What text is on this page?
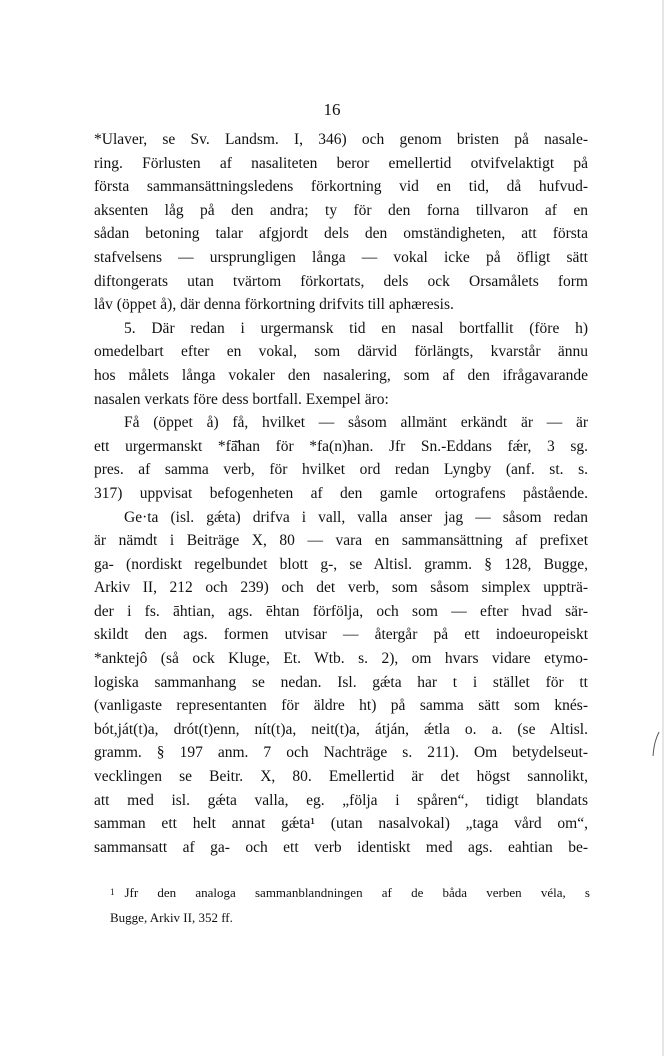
16
*Ulaver, se Sv. Landsm. I, 346) och genom bristen på nasale-
ring. Förlusten af nasaliteten beror emellertid otvifvelaktigt på
första sammansättningsledens förkortning vid en tid, då hufvud-
aksenten låg på den andra; ty för den forna tillvaron af en
sådan betoning talar afgjordt dels den omständigheten, att första
stafvelsens — ursprungligen långa — vokal icke på öfligt sätt
diftongerats utan tvärtom förkortats, dels ock Orsamålets form
låv (öppet å), där denna förkortning drifvits till aphæresis.
5. Där redan i urgermansk tid en nasal bortfallit (före h)
omedelbart efter en vokal, som därvid förlängts, kvarstår ännu
hos målets långa vokaler den nasalering, som af den ifrågavarande
nasalen verkats före dess bortfall. Exempel äro:
Få (öppet å) få, hvilket — såsom allmänt erkändt är — är
ett urgermanskt *fā̆han för *fa(n)han. Jfr Sn.-Eddans fǽr, 3 sg.
pres. af samma verb, för hvilket ord redan Lyngby (anf. st. s.
317) uppvisat befogenheten af den gamle ortografens påstående.
Ge·ta (isl. gǽta) drifva i vall, valla anser jag — såsom redan
är nämdt i Beiträge X, 80 — vara en sammansättning af prefixet
ga- (nordiskt regelbundet blott g-, se Altisl. gramm. § 128, Bugge,
Arkiv II, 212 och 239) och det verb, som såsom simplex uppträ-
der i fs. āhtian, ags. ēhtan förfölja, och som — efter hvad sär-
skildt den ags. formen utvisar — återgår på ett indoeuropeiskt
*anktejô (så ock Kluge, Et. Wtb. s. 2), om hvars vidare etymo-
logiska sammanhang se nedan. Isl. gǽta har t i stället för tt
(vanligaste representanten för äldre ht) på samma sätt som knés-
bót,ját(t)a, drót(t)enn, nít(t)a, neit(t)a, átján, ǽtla o. a. (se Altisl.
gramm. § 197 anm. 7 och Nachträge s. 211). Om betydelseut-
vecklingen se Beitr. X, 80. Emellertid är det högst sannolikt,
att med isl. gǽta valla, eg. „följa i spåren“, tidigt blandats
samman ett helt annat gǽta¹ (utan nasalvokal) „taga vård om“,
sammansatt af ga- och ett verb identiskt med ags. eahtian be-
$^1$ Jfr den analoga sammanblandningen af de båda verben véla, s
Bugge, Arkiv II, 352 ff.
